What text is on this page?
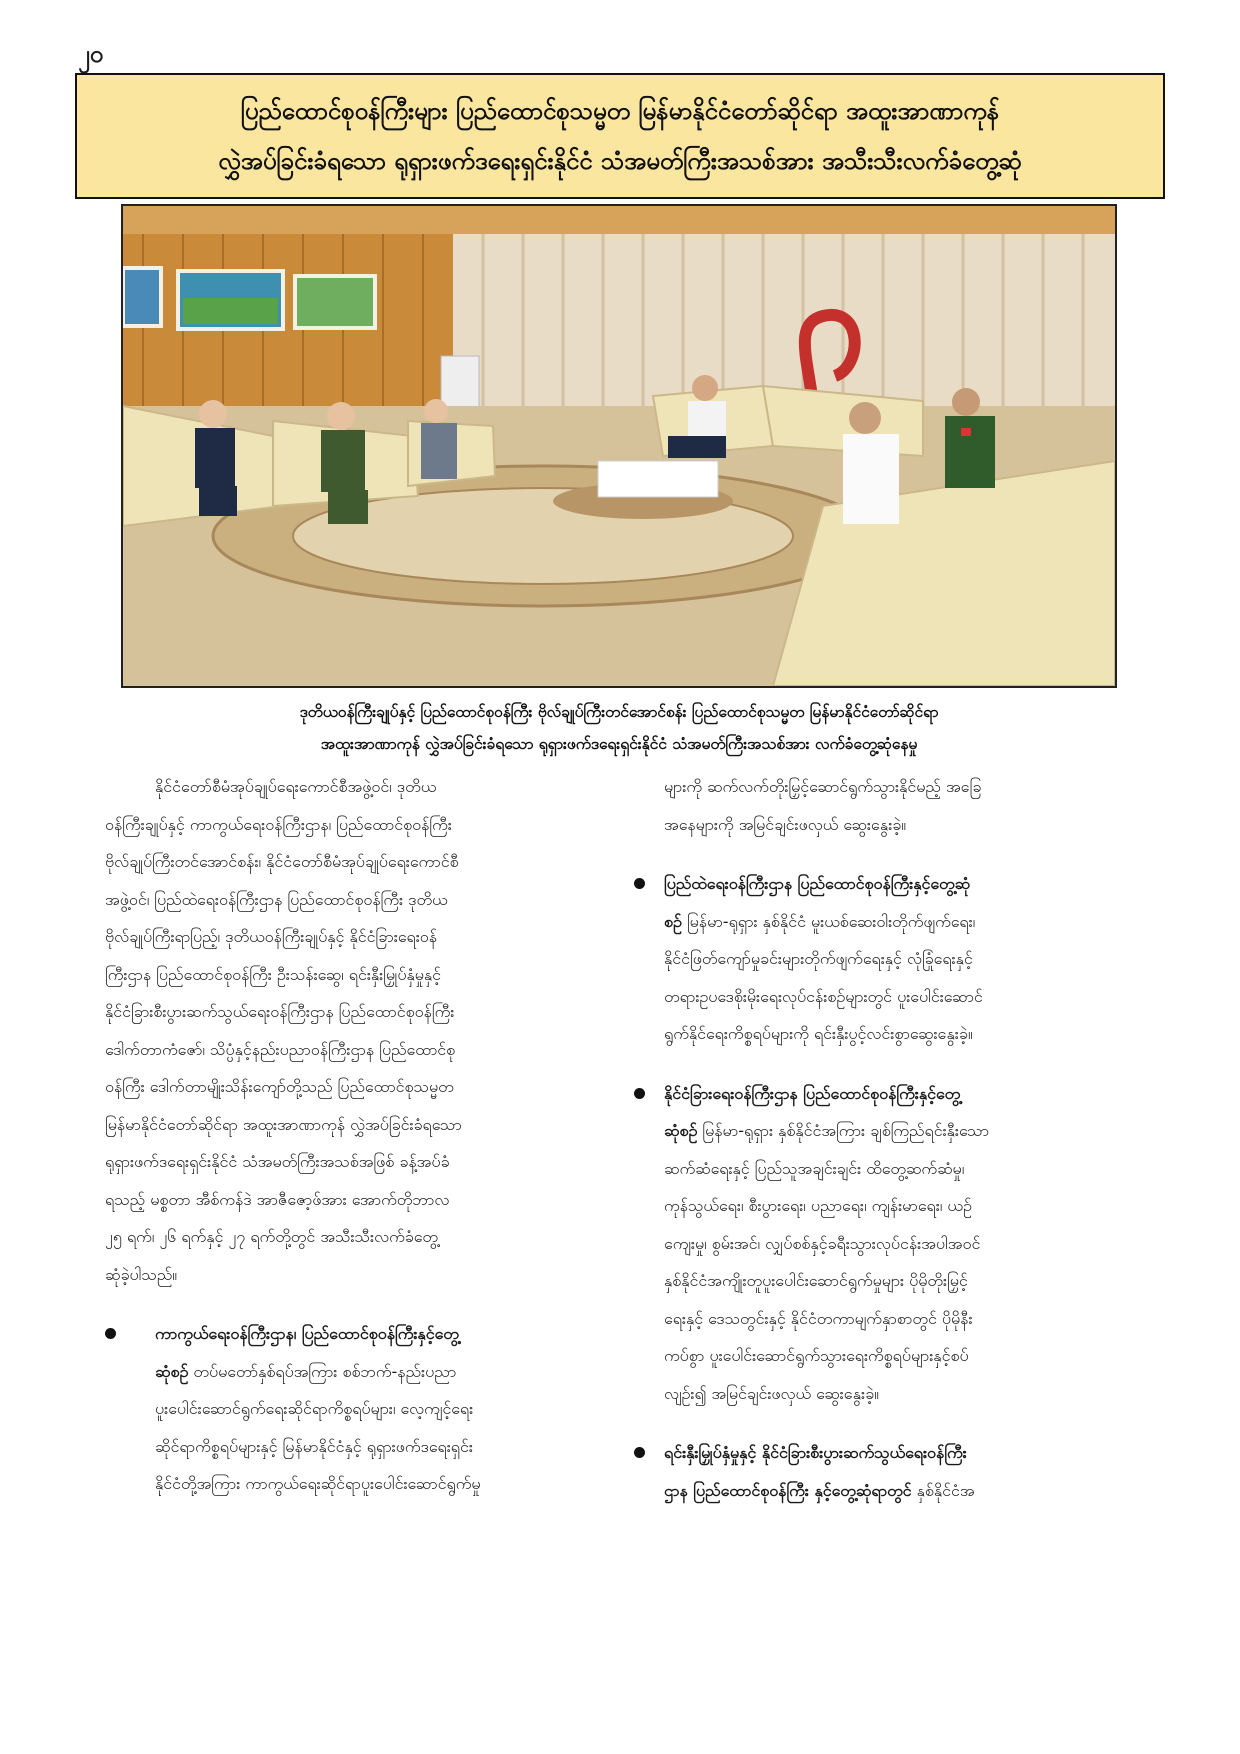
၂၀
ပြည်ထောင်စုဝန်ကြီးများ ပြည်ထောင်စုသမ္မတ မြန်မာနိုင်ငံတော်ဆိုင်ရာ အထူးအာဏာကုန်
လွှဲအပ်ခြင်းခံရသော ရုရှားဖက်ဒရေးရှင်းနိုင်ငံ သံအမတ်ကြီးအသစ်အား အသီးသီးလက်ခံတွေ့ဆုံ
ဒုတိယဝန်ကြီးချုပ်နှင့် ပြည်ထောင်စုဝန်ကြီး ဗိုလ်ချုပ်ကြီးတင်အောင်စန်း ပြည်ထောင်စုသမ္မတ မြန်မာနိုင်ငံတော်ဆိုင်ရာ
အထူးအာဏာကုန် လွှဲအပ်ခြင်းခံရသော ရုရှားဖက်ဒရေးရှင်းနိုင်ငံ သံအမတ်ကြီးအသစ်အား လက်ခံတွေ့ဆုံနေမှု
နိုင်ငံတော်စီမံအုပ်ချုပ်ရေးကောင်စီအဖွဲ့ဝင်၊ ဒုတိယ
ဝန်ကြီးချုပ်နှင့် ကာကွယ်ရေးဝန်ကြီးဌာန၊ ပြည်ထောင်စုဝန်ကြီး
ဗိုလ်ချုပ်ကြီးတင်အောင်စန်း၊ နိုင်ငံတော်စီမံအုပ်ချုပ်ရေးကောင်စီ
အဖွဲ့ဝင်၊ ပြည်ထဲရေးဝန်ကြီးဌာန ပြည်ထောင်စုဝန်ကြီး ဒုတိယ
ဗိုလ်ချုပ်ကြီးရာပြည့်၊ ဒုတိယဝန်ကြီးချုပ်နှင့် နိုင်ငံခြားရေးဝန်
ကြီးဌာန ပြည်ထောင်စုဝန်ကြီး ဦးသန်းဆွေ၊ ရင်းနှီးမြှုပ်နှံမှုနှင့်
နိုင်ငံခြားစီးပွားဆက်သွယ်ရေးဝန်ကြီးဌာန ပြည်ထောင်စုဝန်ကြီး
ဒေါက်တာကံဇော်၊ သိပ္ပံနှင့်နည်းပညာဝန်ကြီးဌာန ပြည်ထောင်စု
ဝန်ကြီး ဒေါက်တာမျိုးသိန်းကျော်တို့သည် ပြည်ထောင်စုသမ္မတ
မြန်မာနိုင်ငံတော်ဆိုင်ရာ အထူးအာဏာကုန် လွှဲအပ်ခြင်းခံရသော
ရုရှားဖက်ဒရေးရှင်းနိုင်ငံ သံအမတ်ကြီးအသစ်အဖြစ် ခန့်အပ်ခံ
ရသည့် မစ္စတာ အီစ်ကန်ဒဲ အာဇီဇော့ဖ်အား အောက်တိုဘာလ
၂၅ ရက်၊ ၂၆ ရက်နှင့် ၂၇ ရက်တို့တွင် အသီးသီးလက်ခံတွေ့
ဆုံခဲ့ပါသည်။
ကာကွယ်ရေးဝန်ကြီးဌာန၊ ပြည်ထောင်စုဝန်ကြီးနှင့်တွေ့
ဆုံစဉ် တပ်မတော်နှစ်ရပ်အကြား စစ်ဘက်-နည်းပညာ
ပူးပေါင်းဆောင်ရွက်ရေးဆိုင်ရာကိစ္စရပ်များ၊ လေ့ကျင့်ရေး
ဆိုင်ရာကိစ္စရပ်များနှင့် မြန်မာနိုင်ငံနှင့် ရုရှားဖက်ဒရေးရှင်း
နိုင်ငံတို့အကြား ကာကွယ်ရေးဆိုင်ရာပူးပေါင်းဆောင်ရွက်မှု
များကို ဆက်လက်တိုးမြှင့်ဆောင်ရွက်သွားနိုင်မည့် အခြေ
အနေများကို အမြင်ချင်းဖလှယ် ဆွေးနွေးခဲ့။
ပြည်ထဲရေးဝန်ကြီးဌာန ပြည်ထောင်စုဝန်ကြီးနှင့်တွေ့ဆုံ
စဉ် မြန်မာ-ရုရှား နှစ်နိုင်ငံ မူးယစ်ဆေးဝါးတိုက်ဖျက်ရေး၊
နိုင်ငံဖြတ်ကျော်မှုခင်းများတိုက်ဖျက်ရေးနှင့် လုံခြုံရေးနှင့်
တရားဥပဒေစိုးမိုးရေးလုပ်ငန်းစဉ်များတွင် ပူးပေါင်းဆောင်
ရွက်နိုင်ရေးကိစ္စရပ်များကို ရင်းနှီးပွင့်လင်းစွာဆွေးနွေးခဲ့။
နိုင်ငံခြားရေးဝန်ကြီးဌာန ပြည်ထောင်စုဝန်ကြီးနှင့်တွေ့
ဆုံစဉ် မြန်မာ-ရုရှား နှစ်နိုင်ငံအကြား ချစ်ကြည်ရင်းနှီးသော
ဆက်ဆံရေးနှင့် ပြည်သူအချင်းချင်း ထိတွေ့ဆက်ဆံမှု၊
ကုန်သွယ်ရေး၊ စီးပွားရေး၊ ပညာရေး၊ ကျန်းမာရေး၊ ယဉ်
ကျေးမှု၊ စွမ်းအင်၊ လျှပ်စစ်နှင့်ခရီးသွားလုပ်ငန်းအပါအဝင်
နှစ်နိုင်ငံအကျိုးတူပူးပေါင်းဆောင်ရွက်မှုများ ပိုမိုတိုးမြှင့်
ရေးနှင့် ဒေသတွင်းနှင့် နိုင်ငံတကာမျက်နှာစာတွင် ပိုမိုနီး
ကပ်စွာ ပူးပေါင်းဆောင်ရွက်သွားရေးကိစ္စရပ်များနှင့်စပ်
လျဉ်း၍ အမြင်ချင်းဖလှယ် ဆွေးနွေးခဲ့။
ရင်းနှီးမြှုပ်နှံမှုနှင့် နိုင်ငံခြားစီးပွားဆက်သွယ်ရေးဝန်ကြီး
ဌာန ပြည်ထောင်စုဝန်ကြီး နှင့်တွေ့ဆုံရာတွင် နှစ်နိုင်ငံအ
